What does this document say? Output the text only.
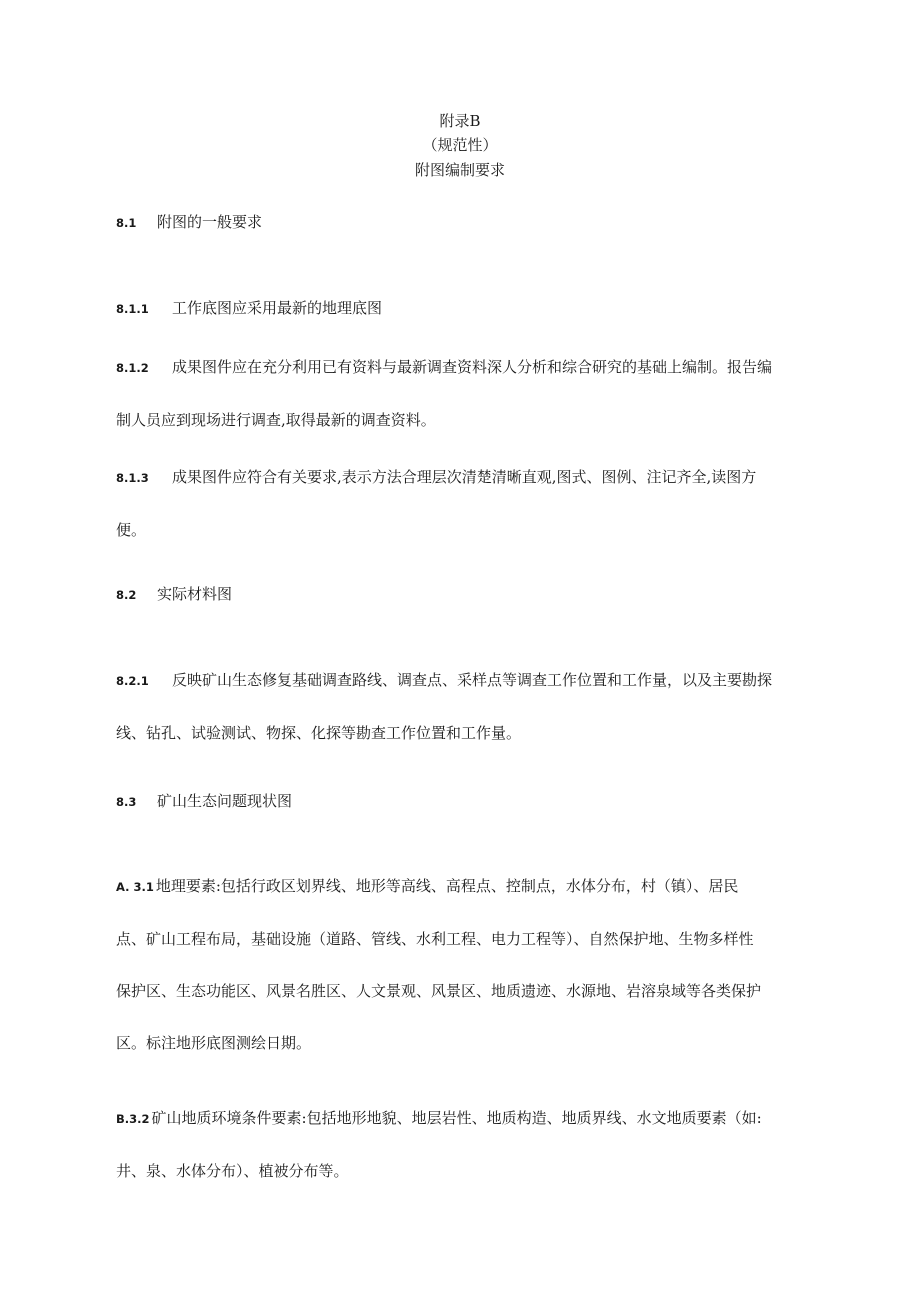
附录B
（规范性）
附图编制要求
8.1 附图的一般要求
8.1.1 工作底图应采用最新的地理底图
8.1.2 成果图件应在充分利用已有资料与最新调查资料深人分析和综合研究的基础上编制。报告编
制人员应到现场进行调查,取得最新的调查资料。
8.1.3 成果图件应符合有关要求,表示方法合理层次清楚清晰直观,图式、图例、注记齐全,读图方
便。
8.2 实际材料图
8.2.1 反映矿山生态修复基础调查路线、调查点、采样点等调查工作位置和工作量，以及主要勘探
线、钻孔、试验测试、物探、化探等勘查工作位置和工作量。
8.3 矿山生态问题现状图
A. 3.1 地理要素:包括行政区划界线、地形等高线、高程点、控制点，水体分布，村（镇）、居民
点、矿山工程布局，基础设施（道路、管线、水利工程、电力工程等）、自然保护地、生物多样性
保护区、生态功能区、风景名胜区、人文景观、风景区、地质遗迹、水源地、岩溶泉域等各类保护
区。标注地形底图测绘日期。
B.3.2 矿山地质环境条件要素:包括地形地貌、地层岩性、地质构造、地质界线、水文地质要素（如:
井、泉、水体分布）、植被分布等。
